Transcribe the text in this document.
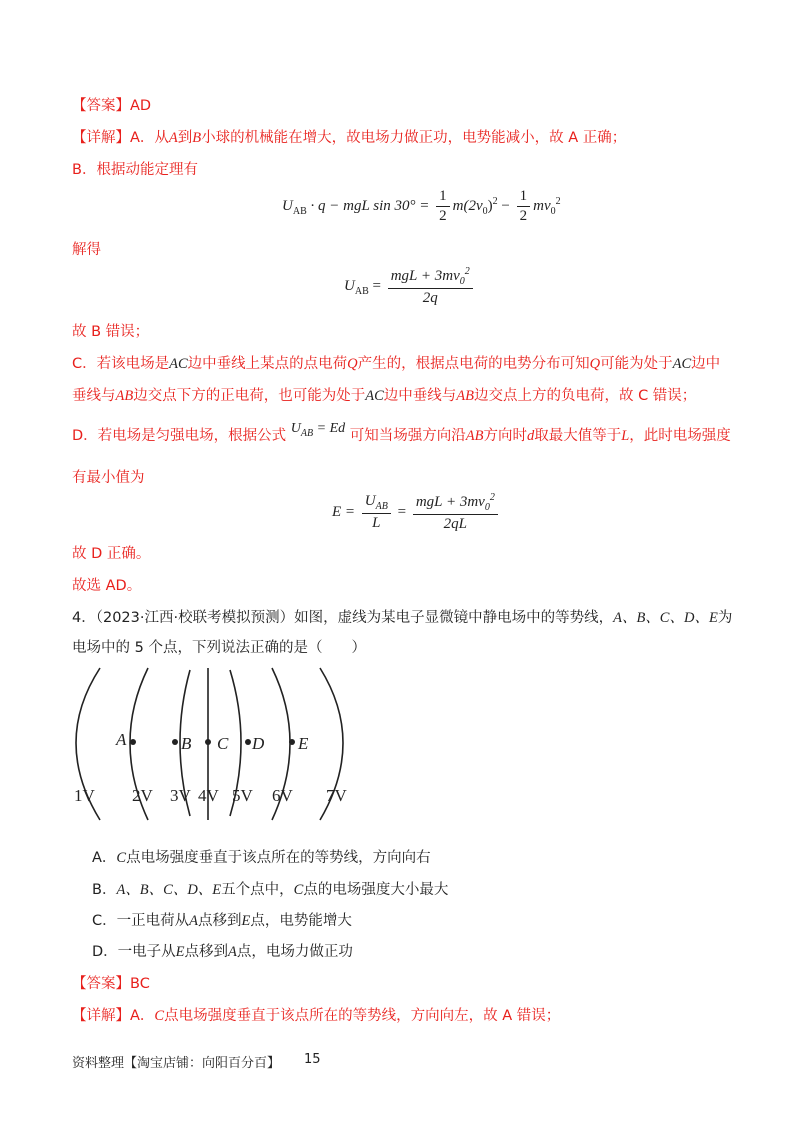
【答案】AD
【详解】A．从A到B小球的机械能在增大，故电场力做正功，电势能减小，故 A 正确；
B．根据动能定理有
$U_{AB} \cdot q$ − mgL $\sin 30^\circ = \frac{1}{2} m(2v_0)^2 - \frac{1}{2} mv_0^2$
解得
$U_{AB} = \frac{mgL + 3mv_0^2}{2q}$
故 B 错误；
C．若该电场是AC边中垂线上某点的点电荷Q产生的，根据点电荷的电势分布可知Q可能为处于AC边中
垂线与AB边交点下方的正电荷，也可能为处于AC边中垂线与AB边交点上方的负电荷，故 C 错误；
D．若电场是匀强电场，根据公式 $U_{AB} = Ed$ 可知当场强方向沿AB方向时d取最大值等于L，此时电场强度
有最小值为
$E = \frac{U_{AB}}{L} = \frac{mgL + 3mv_0^2}{2qL}$
故 D 正确。
故选 AD。
4．（2023·江西·校联考模拟预测）如图，虚线为某电子显微镜中静电场中的等势线，A、B、C、D、E为
电场中的 5 个点，下列说法正确的是（　　）
A	B C D E
1V 2V 3V 4V 5V 6V 7V
A．C点电场强度垂直于该点所在的等势线，方向向右
B．A、B、C、D、E五个点中，C点的电场强度大小最大
C．一正电荷从A点移到E点，电势能增大
D．一电子从E点移到A点，电场力做正功
【答案】BC
【详解】A．C点电场强度垂直于该点所在的等势线，方向向左，故 A 错误；
资料整理【淘宝店铺：向阳百分百】 15
